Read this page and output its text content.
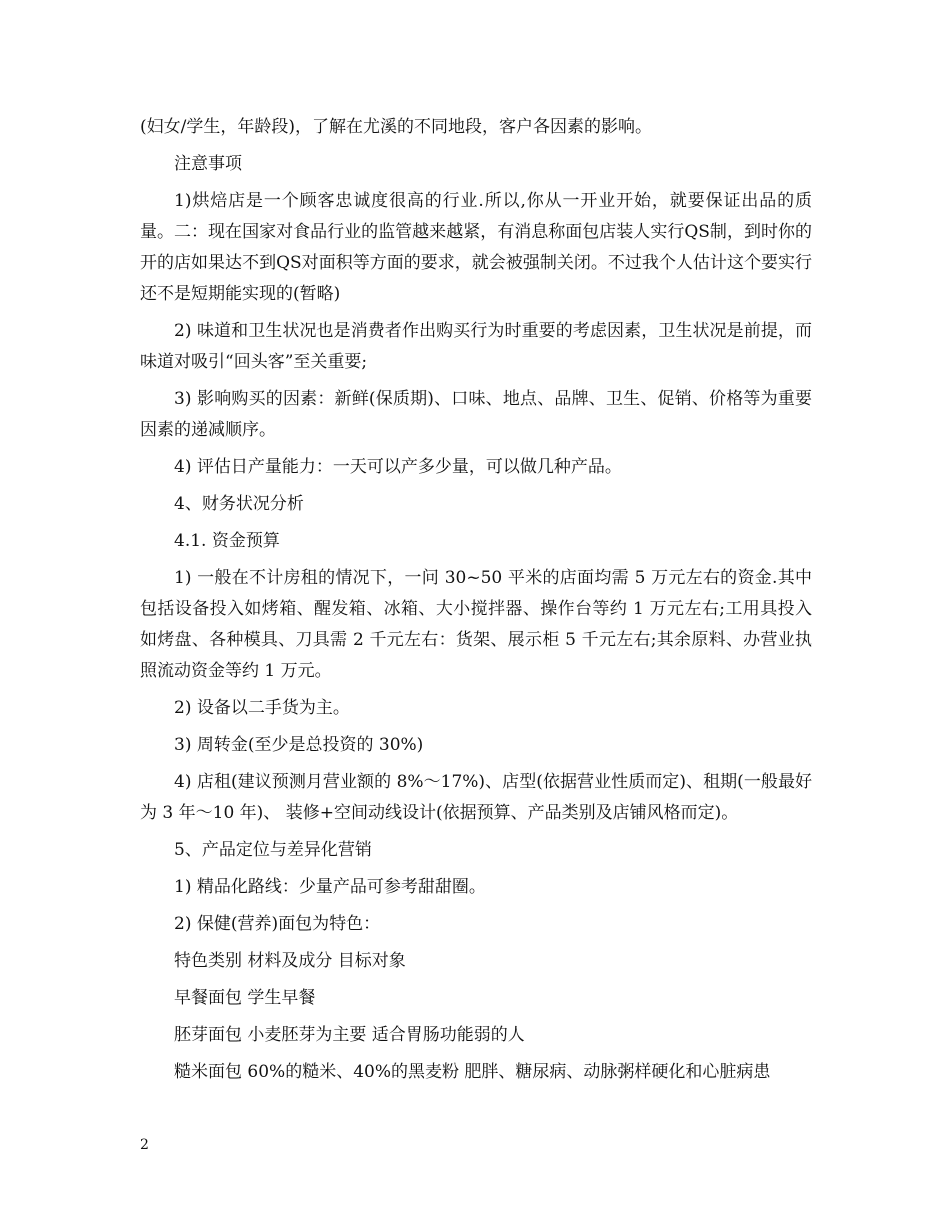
(妇女/学生，年龄段)，了解在尤溪的不同地段，客户各因素的影响。

注意事项

1)烘焙店是一个顾客忠诚度很高的行业.所以,你从一开业开始，就要保证出品的质量。二：现在国家对食品行业的监管越来越紧，有消息称面包店装人实行QS制，到时你的开的店如果达不到QS对面积等方面的要求，就会被强制关闭。不过我个人估计这个要实行还不是短期能实现的(暂略)

2) 味道和卫生状况也是消费者作出购买行为时重要的考虑因素，卫生状况是前提，而味道对吸引“回头客”至关重要;

3) 影响购买的因素：新鲜(保质期)、口味、地点、品牌、卫生、促销、价格等为重要因素的递减顺序。

4) 评估日产量能力：一天可以产多少量，可以做几种产品。

4、财务状况分析

4.1. 资金预算

1) 一般在不计房租的情况下，一问 30~50 平米的店面均需 5 万元左右的资金.其中包括设备投入如烤箱、醒发箱、冰箱、大小搅拌器、操作台等约 1 万元左右;工用具投入如烤盘、各种模具、刀具需 2 千元左右：货架、展示柜 5 千元左右;其余原料、办营业执照流动资金等约 1 万元。

2) 设备以二手货为主。

3) 周转金(至少是总投资的 30%)

4) 店租(建议预测月营业额的 8%～17%)、店型(依据营业性质而定)、租期(一般最好为 3 年～10 年)、 装修+空间动线设计(依据预算、产品类别及店铺风格而定)。

5、产品定位与差异化营销

1) 精品化路线：少量产品可参考甜甜圈。

2) 保健(营养)面包为特色：

特色类别 材料及成分 目标对象

早餐面包 学生早餐

胚芽面包 小麦胚芽为主要 适合胃肠功能弱的人

糙米面包 60%的糙米、40%的黑麦粉 肥胖、糖尿病、动脉粥样硬化和心脏病患

2
